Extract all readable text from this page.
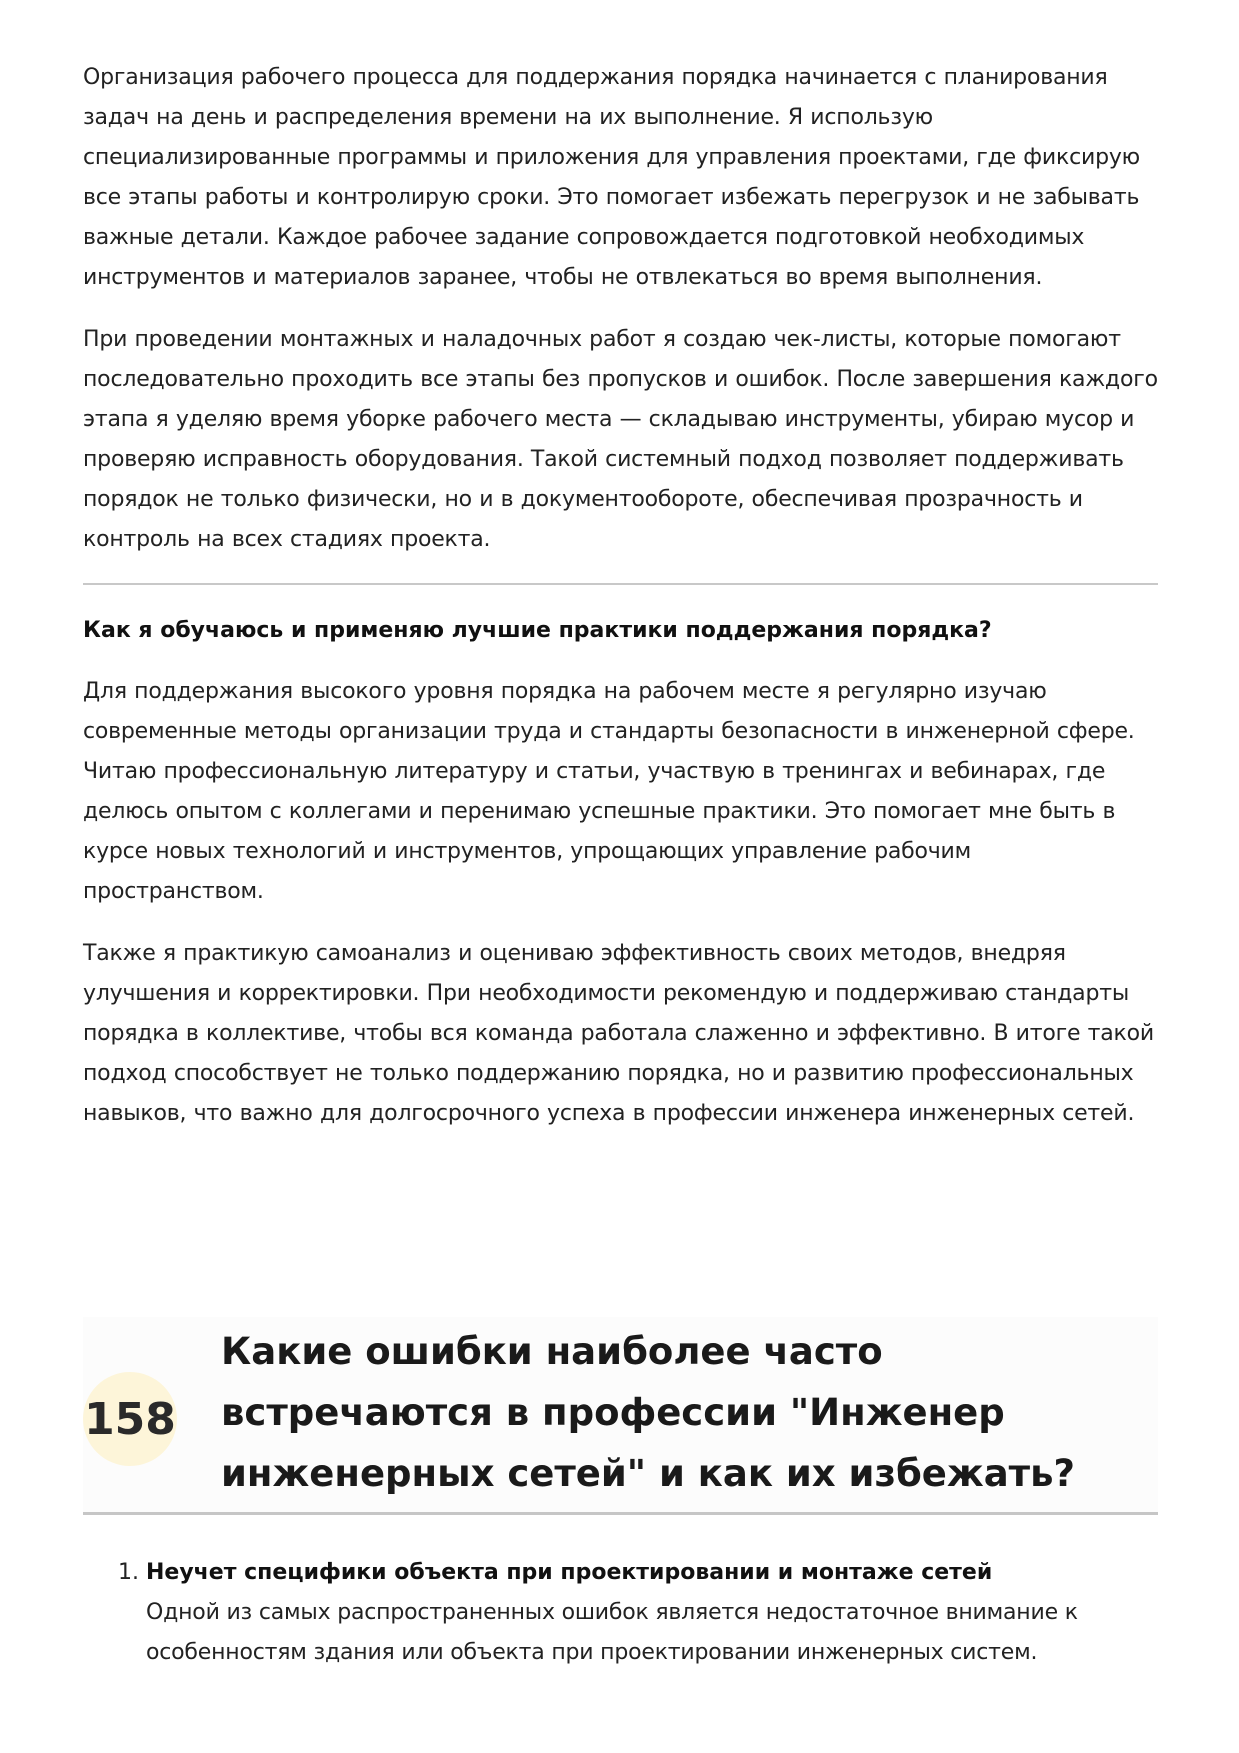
Организация рабочего процесса для поддержания порядка начинается с планирования задач на день и распределения времени на их выполнение. Я использую специализированные программы и приложения для управления проектами, где фиксирую все этапы работы и контролирую сроки. Это помогает избежать перегрузок и не забывать важные детали. Каждое рабочее задание сопровождается подготовкой необходимых инструментов и материалов заранее, чтобы не отвлекаться во время выполнения.

При проведении монтажных и наладочных работ я создаю чек-листы, которые помогают последовательно проходить все этапы без пропусков и ошибок. После завершения каждого этапа я уделяю время уборке рабочего места — складываю инструменты, убираю мусор и проверяю исправность оборудования. Такой системный подход позволяет поддерживать порядок не только физически, но и в документообороте, обеспечивая прозрачность и контроль на всех стадиях проекта.

Как я обучаюсь и применяю лучшие практики поддержания порядка?

Для поддержания высокого уровня порядка на рабочем месте я регулярно изучаю современные методы организации труда и стандарты безопасности в инженерной сфере. Читаю профессиональную литературу и статьи, участвую в тренингах и вебинарах, где делюсь опытом с коллегами и перенимаю успешные практики. Это помогает мне быть в курсе новых технологий и инструментов, упрощающих управление рабочим пространством.

Также я практикую самоанализ и оцениваю эффективность своих методов, внедряя улучшения и корректировки. При необходимости рекомендую и поддерживаю стандарты порядка в коллективе, чтобы вся команда работала слаженно и эффективно. В итоге такой подход способствует не только поддержанию порядка, но и развитию профессиональных навыков, что важно для долгосрочного успеха в профессии инженера инженерных сетей.

158
Какие ошибки наиболее часто встречаются в профессии "Инженер инженерных сетей" и как их избежать?
1. Неучет специфики объекта при проектировании и монтаже сетей
Одной из самых распространенных ошибок является недостаточное внимание к особенностям здания или объекта при проектировании инженерных систем.
